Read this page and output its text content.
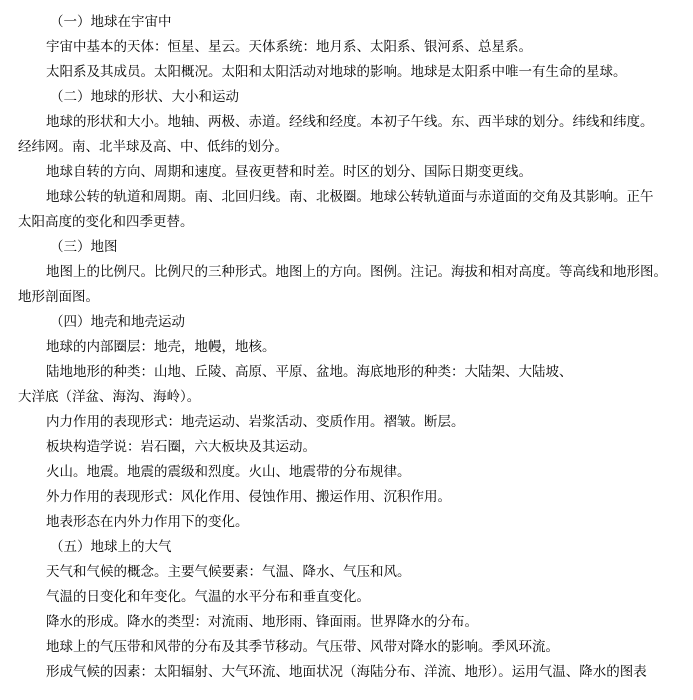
（一）地球在宇宙中
宇宙中基本的天体：恒星、星云。天体系统：地月系、太阳系、银河系、总星系。
太阳系及其成员。太阳概况。太阳和太阳活动对地球的影响。地球是太阳系中唯一有生命的星球。
（二）地球的形状、大小和运动
地球的形状和大小。地轴、两极、赤道。经线和经度。本初子午线。东、西半球的划分。纬线和纬度。
经纬网。南、北半球及高、中、低纬的划分。
地球自转的方向、周期和速度。昼夜更替和时差。时区的划分、国际日期变更线。
地球公转的轨道和周期。南、北回归线。南、北极圈。地球公转轨道面与赤道面的交角及其影响。正午
太阳高度的变化和四季更替。
（三）地图
地图上的比例尺。比例尺的三种形式。地图上的方向。图例。注记。海拔和相对高度。等高线和地形图。
地形剖面图。
（四）地壳和地壳运动
地球的内部圈层：地壳，地幔，地核。
陆地地形的种类：山地、丘陵、高原、平原、盆地。海底地形的种类：大陆架、大陆坡、
大洋底（洋盆、海沟、海岭）。
内力作用的表现形式：地壳运动、岩浆活动、变质作用。褶皱。断层。
板块构造学说：岩石圈，六大板块及其运动。
火山。地震。地震的震级和烈度。火山、地震带的分布规律。
外力作用的表现形式：风化作用、侵蚀作用、搬运作用、沉积作用。
地表形态在内外力作用下的变化。
（五）地球上的大气
天气和气候的概念。主要气候要素：气温、降水、气压和风。
气温的日变化和年变化。气温的水平分布和垂直变化。
降水的形成。降水的类型：对流雨、地形雨、锋面雨。世界降水的分布。
地球上的气压带和风带的分布及其季节移动。气压带、风带对降水的影响。季风环流。
形成气候的因素：太阳辐射、大气环流、地面状况（海陆分布、洋流、地形）。运用气温、降水的图表
